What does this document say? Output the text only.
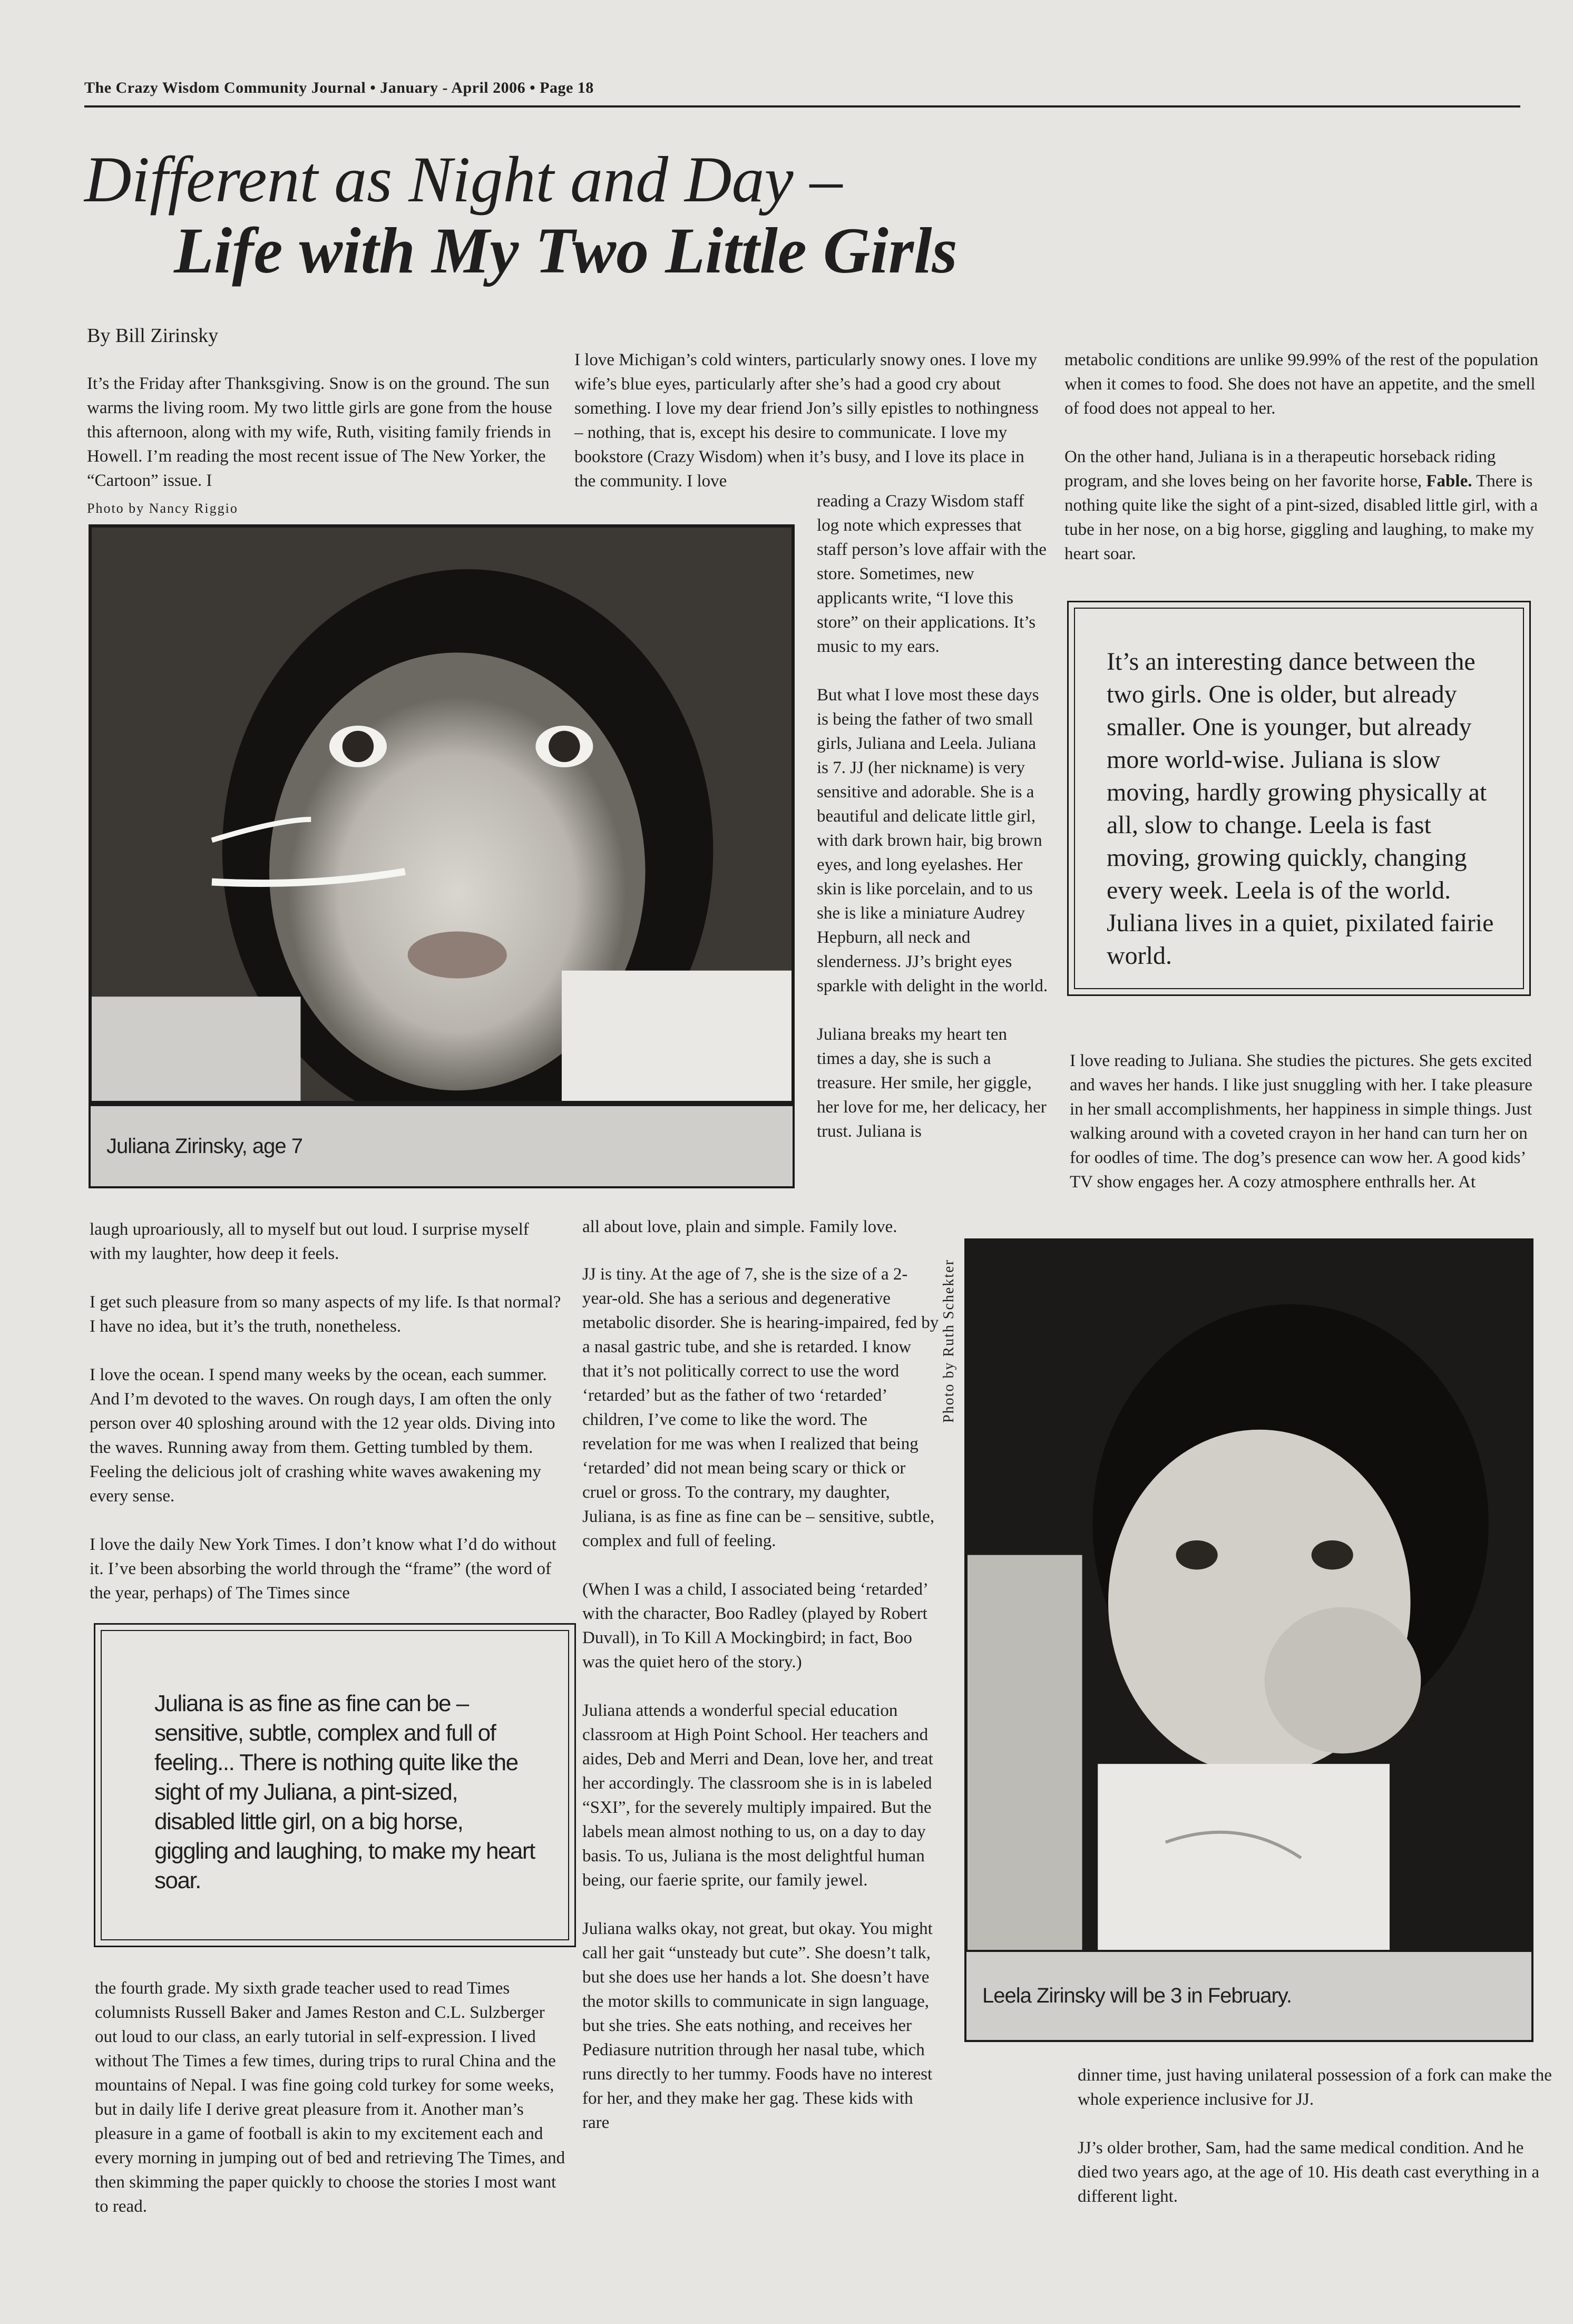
The Crazy Wisdom Community Journal • January - April 2006 • Page 18
Different as Night and Day –
Life with My Two Little Girls
By Bill Zirinsky

It’s the Friday after Thanksgiving. Snow is on the ground. The sun warms the living room. My two little girls are gone from the house this afternoon, along with my wife, Ruth, visiting family friends in Howell. I’m reading the most recent issue of The New Yorker, the “Cartoon” issue. I

Photo by Nancy Riggio
Juliana Zirinsky, age 7

I love Michigan’s cold winters, particularly snowy ones. I love my wife’s blue eyes, particularly after she’s had a good cry about something. I love my dear friend Jon’s silly epistles to nothingness – nothing, that is, except his desire to communicate. I love my bookstore (Crazy Wisdom) when it’s busy, and I love its place in the community. I love

reading a Crazy Wisdom staff log note which expresses that staff person’s love affair with the store. Sometimes, new applicants write, “I love this store” on their applications. It’s music to my ears.

But what I love most these days is being the father of two small girls, Juliana and Leela. Juliana is 7. JJ (her nickname) is very sensitive and adorable. She is a beautiful and delicate little girl, with dark brown hair, big brown eyes, and long eyelashes. Her skin is like porcelain, and to us she is like a miniature Audrey Hepburn, all neck and slenderness. JJ’s bright eyes sparkle with delight in the world.

Juliana breaks my heart ten times a day, she is such a treasure. Her smile, her giggle, her love for me, her delicacy, her trust. Juliana is

laugh uproariously, all to myself but out loud. I surprise myself with my laughter, how deep it feels.

I get such pleasure from so many aspects of my life. Is that normal? I have no idea, but it’s the truth, nonetheless.

I love the ocean. I spend many weeks by the ocean, each summer. And I’m devoted to the waves. On rough days, I am often the only person over 40 sploshing around with the 12 year olds. Diving into the waves. Running away from them. Getting tumbled by them. Feeling the delicious jolt of crashing white waves awakening my every sense.

I love the daily New York Times. I don’t know what I’d do without it. I’ve been absorbing the world through the “frame” (the word of the year, perhaps) of The Times since

Juliana is as fine as fine can be – sensitive, subtle, complex and full of feeling... There is nothing quite like the sight of my Juliana, a pint-sized, disabled little girl, on a big horse, giggling and laughing, to make my heart soar.

the fourth grade. My sixth grade teacher used to read Times columnists Russell Baker and James Reston and C.L. Sulzberger out loud to our class, an early tutorial in self-expression. I lived without The Times a few times, during trips to rural China and the mountains of Nepal. I was fine going cold turkey for some weeks, but in daily life I derive great pleasure from it. Another man’s pleasure in a game of football is akin to my excitement each and every morning in jumping out of bed and retrieving The Times, and then skimming the paper quickly to choose the stories I most want to read.

all about love, plain and simple. Family love.

JJ is tiny. At the age of 7, she is the size of a 2-year-old. She has a serious and degenerative metabolic disorder. She is hearing-impaired, fed by a nasal gastric tube, and she is retarded. I know that it’s not politically correct to use the word ‘retarded’ but as the father of two ‘retarded’ children, I’ve come to like the word. The revelation for me was when I realized that being ‘retarded’ did not mean being scary or thick or cruel or gross. To the contrary, my daughter, Juliana, is as fine as fine can be – sensitive, subtle, complex and full of feeling.

(When I was a child, I associated being ‘retarded’ with the character, Boo Radley (played by Robert Duvall), in To Kill A Mockingbird; in fact, Boo was the quiet hero of the story.)

Juliana attends a wonderful special education classroom at High Point School. Her teachers and aides, Deb and Merri and Dean, love her, and treat her accordingly. The classroom she is in is labeled “SXI”, for the severely multiply impaired. But the labels mean almost nothing to us, on a day to day basis. To us, Juliana is the most delightful human being, our faerie sprite, our family jewel.

Juliana walks okay, not great, but okay. You might call her gait “unsteady but cute”. She doesn’t talk, but she does use her hands a lot. She doesn’t have the motor skills to communicate in sign language, but she tries. She eats nothing, and receives her Pediasure nutrition through her nasal tube, which runs directly to her tummy. Foods have no interest for her, and they make her gag. These kids with rare

Photo by Ruth Schekter

metabolic conditions are unlike 99.99% of the rest of the population when it comes to food. She does not have an appetite, and the smell of food does not appeal to her.

On the other hand, Juliana is in a therapeutic horseback riding program, and she loves being on her favorite horse, Fable. There is nothing quite like the sight of a pint-sized, disabled little girl, with a tube in her nose, on a big horse, giggling and laughing, to make my heart soar.

It’s an interesting dance between the two girls. One is older, but already smaller. One is younger, but already more world-wise. Juliana is slow moving, hardly growing physically at all, slow to change. Leela is fast moving, growing quickly, changing every week. Leela is of the world. Juliana lives in a quiet, pixilated fairie world.

I love reading to Juliana. She studies the pictures. She gets excited and waves her hands. I like just snuggling with her. I take pleasure in her small accomplishments, her happiness in simple things. Just walking around with a coveted crayon in her hand can turn her on for oodles of time. The dog’s presence can wow her. A good kids’ TV show engages her. A cozy atmosphere enthralls her. At

Leela Zirinsky will be 3 in February.

dinner time, just having unilateral possession of a fork can make the whole experience inclusive for JJ.

JJ’s older brother, Sam, had the same medical condition. And he died two years ago, at the age of 10. His death cast everything in a different light.
